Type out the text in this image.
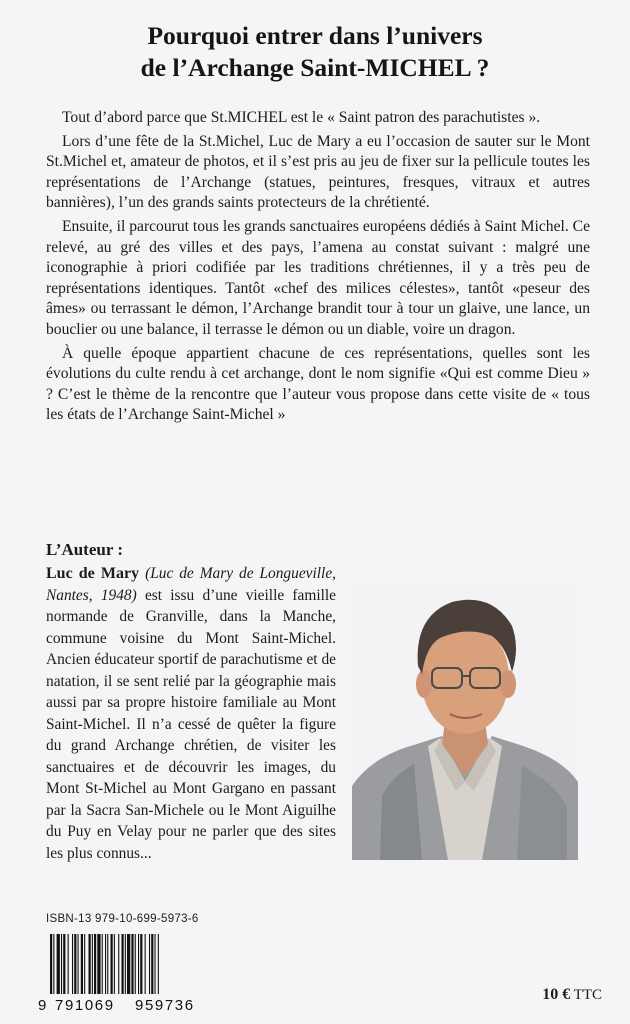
Pourquoi entrer dans l’univers
de l’Archange Saint-MICHEL ?

Tout d’abord parce que St.MICHEL est le « Saint patron des parachutistes ».

Lors d’une fête de la St.Michel, Luc de Mary a eu l’occasion de sauter sur le Mont St.Michel et, amateur de photos, et il s’est pris au jeu de fixer sur la pellicule toutes les représentations de l’Archange (statues, peintures, fresques, vitraux et autres bannières), l’un des grands saints protecteurs de la chrétienté.

Ensuite, il parcourut tous les grands sanctuaires européens dédiés à Saint Michel. Ce relevé, au gré des villes et des pays, l’amena au constat suivant : malgré une iconographie à priori codifiée par les traditions chrétiennes, il y a très peu de représentations identiques. Tantôt «chef des milices célestes», tantôt «peseur des âmes» ou terrassant le démon, l’Archange brandit tour à tour un glaive, une lance, un bouclier ou une balance, il terrasse le démon ou un diable, voire un dragon.

À quelle époque appartient chacune de ces représentations, quelles sont les évolutions du culte rendu à cet archange, dont le nom signifie «Qui est comme Dieu » ? C’est le thème de la rencontre que l’auteur vous propose dans cette visite de « tous les états de l’Archange Saint-Michel »

L’Auteur :
Luc de Mary (Luc de Mary de Longueville, Nantes, 1948) est issu d’une vieille famille normande de Granville, dans la Manche, commune voisine du Mont Saint-Michel. Ancien éducateur sportif de parachutisme et de natation, il se sent relié par la géographie mais aussi par sa propre histoire familiale au Mont Saint-Michel. Il n’a cessé de quêter la figure du grand Archange chrétien, de visiter les sanctuaires et de découvrir les images, du Mont St-Michel au Mont Gargano en passant par la Sacra San-Michele ou le Mont Aiguilhe du Puy en Velay pour ne parler que des sites les plus connus...
ISBN-13 979-10-699-5973-6
9 791069 959736
10 € TTC
